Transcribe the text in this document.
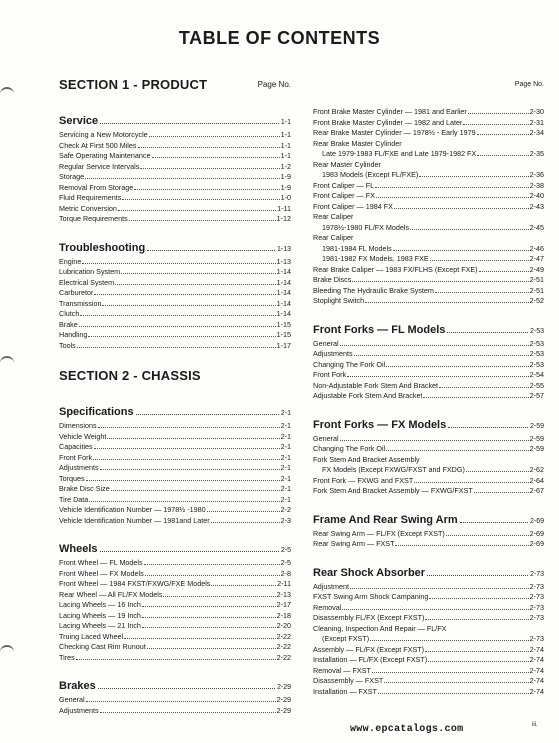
TABLE OF CONTENTS
SECTION 1 - PRODUCT	Page No.
Service	1-1
Servicing a New Motorcycle	1-1
Check At First 500 Miles	1-1
Safe Operating Maintenance	1-1
Regular Service Intervals	1-2
Storage	1-9
Removal From Storage	1-9
Fluid Requirements	1-0
Metric Conversion	1-11
Torque Requirements	1-12
Troubleshooting	1-13
Engine	1-13
Lubrication System	1-14
Electrical System	1-14
Carburetor	1-14
Transmission	1-14
Clutch	1-14
Brake	1-15
Handling	1-15
Tools	1-17
SECTION 2 - CHASSIS
Specifications	2-1
Dimensions	2-1
Vehicle Weight	2-1
Capacities	2-1
Front Fork	2-1
Adjustments	2-1
Torques	2-1
Brake Disc Size	2-1
Tire Data	2-1
Vehicle Identification Number — 1978½ -1980	2-2
Vehicle Identification Number — 1981and Later	2-3
Wheels	2-5
Front Wheel — FL Models	2-5
Front Wheel — FX Models	2-8
Front Wheel — 1984 FXST/FXWG/FXE Models	2-11
Rear Wheel — All FL/FX Models	2-13
Lacing Wheels — 16 Inch	2-17
Lacing Wheels — 19 Inch	2-18
Lacing Wheels — 21 Inch	2-20
Truing Laced Wheel	2-22
Checking Cast Rim Runout	2-22
Tires	2-22
Brakes	2-29
General	2-29
Adjustments	2-29
Page No.
Front Brake Master Cylinder — 1981 and Earlier	2-30
Front Brake Master Cylinder — 1982 and Later	2-31
Rear Brake Master Cylinder — 1978½ - Early 1979	2-34
Rear Brake Master Cylinder
Late 1979-1983 FL/FXE and Late 1979-1982 FX	2-35
Rear Master Cylinder
1983 Models (Except FL/FXE)	2-36
Front Caliper — FL	2-38
Front Caliper — FX	2-40
Front Caliper — 1984 FX	2-43
Rear Caliper
1978½-1980 FL/FX Models	2-45
Rear Caliper
1981-1984 FL Models	2-46
1981-1982 FX Models, 1983 FXE	2-47
Rear Brake Caliper — 1983 FX/FLHS (Except FXE)	2-49
Brake Discs	2-51
Bleeding The Hydraulic Brake System	2-51
Stoplight Switch	2-52
Front Forks — FL Models	2-53
General	2-53
Adjustments	2-53
Changing The Fork Oil	2-53
Front Fork	2-54
Non-Adjustable Fork Stem And Bracket	2-55
Adjustable Fork Stem And Bracket	2-57
Front Forks — FX Models	2-59
General	2-59
Changing The Fork Oil	2-59
Fork Stem And Bracket Assembly
FX Models (Except FXWG/FXST and FXDG)	2-62
Front Fork — FXWG and FXST	2-64
Fork Stem And Bracket Assembly — FXWG/FXST	2-67
Frame And Rear Swing Arm	2-69
Rear Swing Arm — FL/FX (Except FXST)	2-69
Rear Swing Arm — FXST	2-69
Rear Shock Absorber	2-73
Adjustment	2-73
FXST Swing Arm Shock Campaning	2-73
Removal	2-73
Disassembly FL/FX (Except FXST)	2-73
Cleaning, Inspection And Repair — FL/FX
(Except FXST)	2-73
Assembly — FL/FX (Except FXST)	2-74
Installation — FL/FX (Except FXST)	2-74
Removal — FXST	2-74
Disassembly — FXST	2-74
Installation — FXST	2-74
www.epcatalogs.com	iii.
